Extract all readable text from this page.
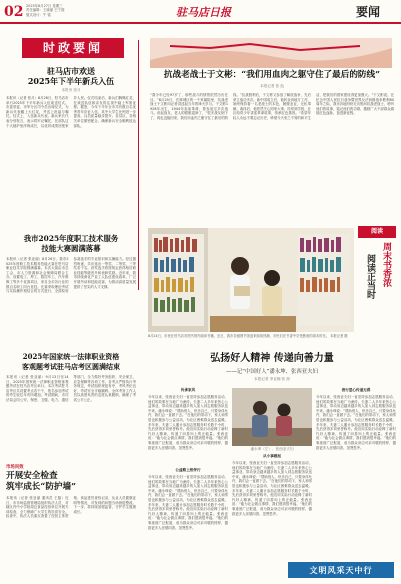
02 2025年8月27日 星期三
责任编辑：王晓丽 王宁瑞
版式设计：牛 铭	驻马店日报	要闻
时政要闻
驻马店市欢送
2025年下半年新兵入伍
本报讯 张月
本报讯（记者 张月）8月26日，驻马店市举行2025年下半年新兵入伍欢送仪式。市委常委、市军分区司令员出席仪式，为新兵代表戴上大红花，并送上祝福与嘱托。仪式上，入伍新兵代表、新兵家长代表分别发言，表示将牢记嘱托，在部队这个大熔炉里淬炼成长，以优异成绩回报家乡人民。仪式结束后，新兵们胸佩红花，在欢送队伍和亲友的注视中踏上军旅征程。据悉，今年下半年全市共有数百名优秀青年应征入伍，其中大学生比例进一步提高，兵员质量稳步提升。各县区、各相关单位紧密配合，确保新兵安全顺利抵达部队。
抗战老战士于文彬：“我们用血肉之躯守住了最后的防线”
本报记者 张 彪
“我今年已经97岁了，那些战斗的情景依然历历在目。”8月25日，在驿城区的一个家属院里，抗战老战士于文彬向记者讲述起当年的烽火岁月。于文彬1928年出生，1944年参加革命，曾参加过多次战斗。谈起战友，老人的眼眶湿润了，“很多战友倒下了，再也没能回来，我们用血肉之躯守住了最后的防线。”抗战胜利后，于文彬又参加了解放战争，先后荣立战功多次。新中国成立后，他转业到地方工作，始终保持着一名老战士的本色，兢兢业业、无私奉献。离休后，他依然关心国家大事，经常到学校、社区给青少年讲述革命故事，传承红色基因。“希望年轻人永远不要忘记历史，珍惜今天来之不易的和平生活，把我们的国家建设得更加强大。”于文彬说。在纪念中国人民抗日战争暨世界反法西斯战争胜利80周年之际，我市各地纷纷走访慰问抗战老战士，聆听他们的故事，铭记他们的功勋，激励广大干部群众赓续红色血脉，奋进新征程。
我市2025年度职工技术服务
技能大赛圆满落幕
本报讯（记者 张亚丽）8月26日，我市2025年度职工技术服务技能大赛在驻马店职业技术学院圆满落幕。本次大赛由市总工会、市人力资源和社会保障局联合主办，设置电工、焊工、数控车工、汽车维修工等多个竞赛项目，来自全市各行业的数百名职工同台竞技。比赛采取理论考试与实际操作相结合的方式进行，全面检验参赛选手的专业知识和实操能力。经过激烈角逐，共评选出一等奖、二等奖、三等奖若干名。获奖选手将按规定获得相应职业技能等级晋升和表彰奖励。近年来，我市持续深化产业工人队伍建设改革，广泛开展劳动和技能竞赛，为推动高质量发展提供了坚实的人才支撑。
阅读
周末书香浓
阅读正当时
8月24日，市民在驻马店市图书馆内阅读书籍。近日，我市各级图书馆迎来阅读热潮，市民们在书香中享受惬意的周末时光。 本报记者 摄
2025年国家统一法律职业资格
客观题考试驻马店考区圆满结束
本报讯（记者 张亚丽）9月13日至14日，2025年国家统一法律职业资格客观题考试在驻马店考区举行。本次考试驻马店考区共设置考点若干个，报名参加考试的考生较往年有所增加。考试期间，市司法局会同公安、保密、卫健、电力、通信等部门，全力做好考务组织、安全保卫、应急保障等各项工作。各考点严格执行考务规定，考试组织规范有序，考风考纪良好，考试安全平稳顺利。全体考务工作人员以高度负责的态度认真履职，确保了考试公平公正。
市场问效
开展安全检查
筑牢成长“防护墙”
本报讯（记者 张亚丽 通讯员 王磊）近日，市市场监督管理局组织执法人员，对辖区内中小学校周边食品经营单位开展专项检查，全力保障广大学生的饮食安全。检查中，执法人员重点查看了经营主体资格、食品进货查验记录、从业人员健康证明等情况，对发现的问题当场督促整改。下一步，将持续加强监管，守护学生健康成长。
弘扬好人精神 传递向善力量
——记“中国好人”潘永坤、张西亚夫妇
本报记者 李亚楠 张 源
传承家风
今年以来，张西亚夫妇一直坚持参加志愿服务活动，他们的故事在当地广为流传。夫妻二人多年来热心公益事业，带动身边越来越多的人加入到志愿服务队伍中来。潘永坤说：“帮助别人，快乐自己，只要身体允许，我们会一直做下去。”在他们的带动下，家人和邻居也积极参与公益活动，为社区困难群众送去温暖。多年来，夫妻二人累计参加志愿服务时长数千小时，先后获得多项荣誉称号。他们用实际行动诠释了新时代好人精神，传递了向善向上的正能量。张西亚说：“能为社会做点事情，我们感到很幸福。”他们的事迹被广泛报道，成为群众身边可亲可敬的榜样，激励更多人崇德向善、见贤思齐。
公益路上相伴行
今年以来，张西亚夫妇一直坚持参加志愿服务活动，他们的故事在当地广为流传。夫妻二人多年来热心公益事业，带动身边越来越多的人加入到志愿服务队伍中来。潘永坤说：“帮助别人，快乐自己，只要身体允许，我们会一直做下去。”在他们的带动下，家人和邻居也积极参与公益活动，为社区困难群众送去温暖。多年来，夫妻二人累计参加志愿服务时长数千小时，先后获得多项荣誉称号。他们用实际行动诠释了新时代好人精神，传递了向善向上的正能量。张西亚说：“能为社会做点事情，我们感到很幸福。”他们的事迹被广泛报道，成为群众身边可亲可敬的榜样，激励更多人崇德向善、见贤思齐。
潘永坤（左）、张西亚夫妇
从小事做起
今年以来，张西亚夫妇一直坚持参加志愿服务活动，他们的故事在当地广为流传。夫妻二人多年来热心公益事业，带动身边越来越多的人加入到志愿服务队伍中来。潘永坤说：“帮助别人，快乐自己，只要身体允许，我们会一直做下去。”在他们的带动下，家人和邻居也积极参与公益活动，为社区困难群众送去温暖。多年来，夫妻二人累计参加志愿服务时长数千小时，先后获得多项荣誉称号。他们用实际行动诠释了新时代好人精神，传递了向善向上的正能量。张西亚说：“能为社会做点事情，我们感到很幸福。”他们的事迹被广泛报道，成为群众身边可亲可敬的榜样，激励更多人崇德向善、见贤思齐。
善行爱心传递无碍
今年以来，张西亚夫妇一直坚持参加志愿服务活动，他们的故事在当地广为流传。夫妻二人多年来热心公益事业，带动身边越来越多的人加入到志愿服务队伍中来。潘永坤说：“帮助别人，快乐自己，只要身体允许，我们会一直做下去。”在他们的带动下，家人和邻居也积极参与公益活动，为社区困难群众送去温暖。多年来，夫妻二人累计参加志愿服务时长数千小时，先后获得多项荣誉称号。他们用实际行动诠释了新时代好人精神，传递了向善向上的正能量。张西亚说：“能为社会做点事情，我们感到很幸福。”他们的事迹被广泛报道，成为群众身边可亲可敬的榜样，激励更多人崇德向善、见贤思齐。
文明风采天中行
